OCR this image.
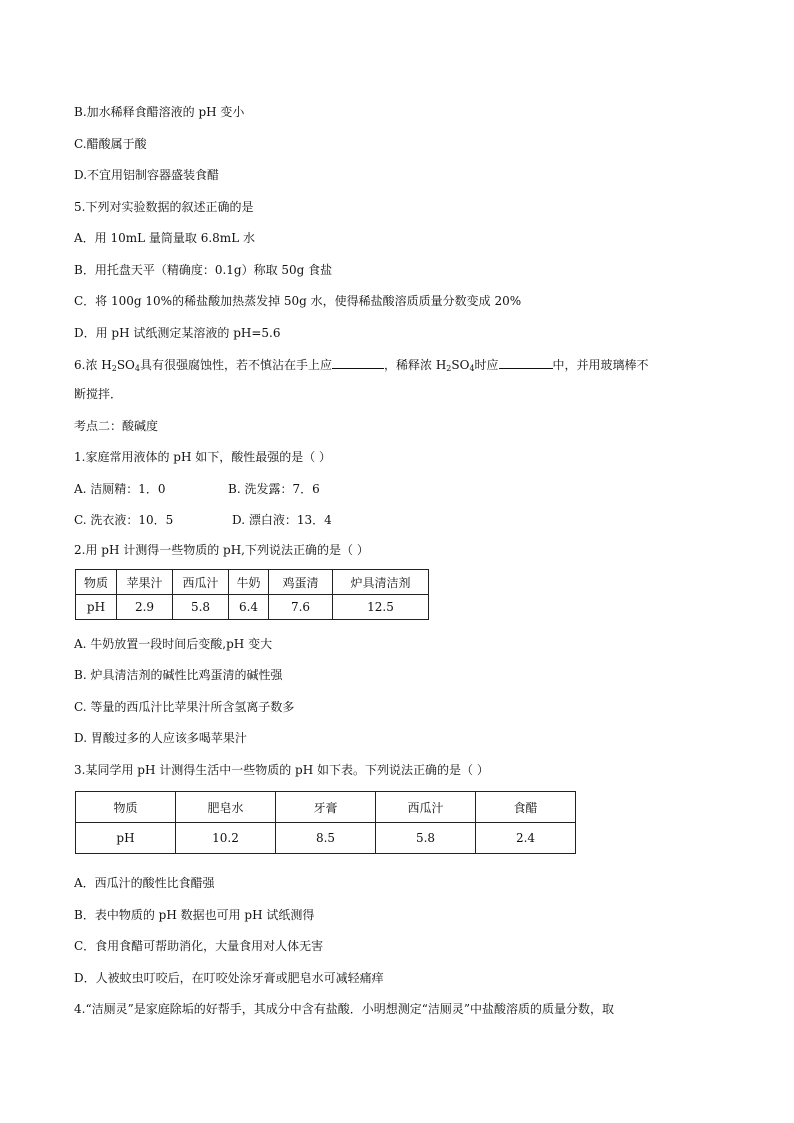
B.加水稀释食醋溶液的 pH 变小
C.醋酸属于酸
D.不宜用铝制容器盛装食醋
5.下列对实验数据的叙述正确的是
A．用 10mL 量筒量取 6.8mL 水
B．用托盘天平（精确度：0.1g）称取 50g 食盐
C．将 100g 10%的稀盐酸加热蒸发掉 50g 水，使得稀盐酸溶质质量分数变成 20%
D．用 pH 试纸测定某溶液的 pH=5.6
6.浓 $H_2SO_4$具有很强腐蚀性，若不慎沾在手上应	，稀释浓 $H_2SO_4$时应	中，并用玻璃棒不
断搅拌．
考点二：酸碱度
1.家庭常用液体的 pH 如下，酸性最强的是（ ）
A. 洁厕精：1．0	B. 洗发露：7．6
C. 洗衣液：10．5	D. 漂白液：13．4
2.用 pH 计测得一些物质的 pH,下列说法正确的是（ ）
物质	苹果汁	西瓜汁	牛奶	鸡蛋清	炉具清洁剂
pH	2.9	5.8	6.4	7.6	12.5
A. 牛奶放置一段时间后变酸,pH 变大
B. 炉具清洁剂的碱性比鸡蛋清的碱性强
C. 等量的西瓜汁比苹果汁所含氢离子数多
D. 胃酸过多的人应该多喝苹果汁
3.某同学用 pH 计测得生活中一些物质的 pH 如下表。下列说法正确的是（ ）
物质	肥皂水	牙膏	西瓜汁	食醋
pH	10.2	8.5	5.8	2.4
A．西瓜汁的酸性比食醋强
B．表中物质的 pH 数据也可用 pH 试纸测得
C．食用食醋可帮助消化，大量食用对人体无害
D．人被蚊虫叮咬后，在叮咬处涂牙膏或肥皂水可减轻痛痒
4.“洁厕灵”是家庭除垢的好帮手，其成分中含有盐酸．小明想测定“洁厕灵”中盐酸溶质的质量分数，取
